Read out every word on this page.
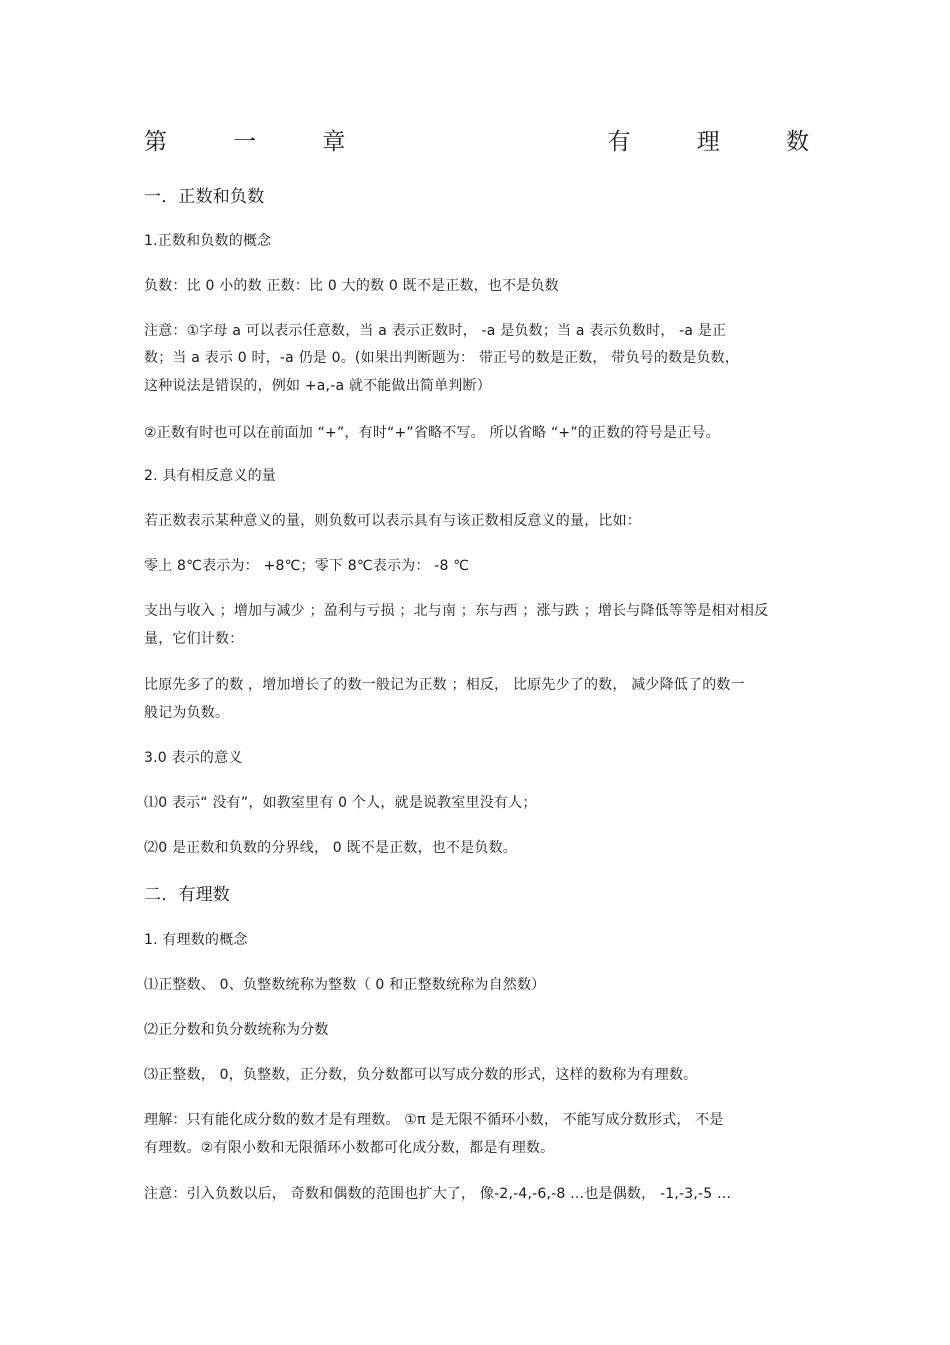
第	一	章	有	理	数
一．正数和负数
1.正数和负数的概念
负数：比 0 小的数 正数：比 0 大的数 0 既不是正数，也不是负数
注意：①字母 a 可以表示任意数，当 a 表示正数时， -a 是负数；当 a 表示负数时， -a 是正
数；当 a 表示 0 时，-a 仍是 0。(如果出判断题为： 带正号的数是正数， 带负号的数是负数，
这种说法是错误的，例如 +a,-a 就不能做出简单判断）
②正数有时也可以在前面加 “+”，有时“+”省略不写。 所以省略 “+”的正数的符号是正号。
2. 具有相反意义的量
若正数表示某种意义的量，则负数可以表示具有与该正数相反意义的量，比如：
零上 8℃表示为： +8℃；零下 8℃表示为： -8 ℃
支出与收入 ；增加与减少 ；盈利与亏损 ；北与南 ；东与西 ；涨与跌 ；增长与降低等等是相对相反
量，它们计数：
比原先多了的数 ，增加增长了的数一般记为正数 ；相反， 比原先少了的数， 减少降低了的数一
般记为负数。
3.0 表示的意义
⑴0 表示“ 没有”，如教室里有 0 个人，就是说教室里没有人；
⑵0 是正数和负数的分界线， 0 既不是正数，也不是负数。
二．有理数
1. 有理数的概念
⑴正整数、 0、负整数统称为整数（ 0 和正整数统称为自然数）
⑵正分数和负分数统称为分数
⑶正整数， 0，负整数，正分数，负分数都可以写成分数的形式，这样的数称为有理数。
理解：只有能化成分数的数才是有理数。 ①π 是无限不循环小数， 不能写成分数形式， 不是
有理数。②有限小数和无限循环小数都可化成分数，都是有理数。
注意：引入负数以后， 奇数和偶数的范围也扩大了， 像-2,-4,-6,-8 …也是偶数， -1,-3,-5 …
